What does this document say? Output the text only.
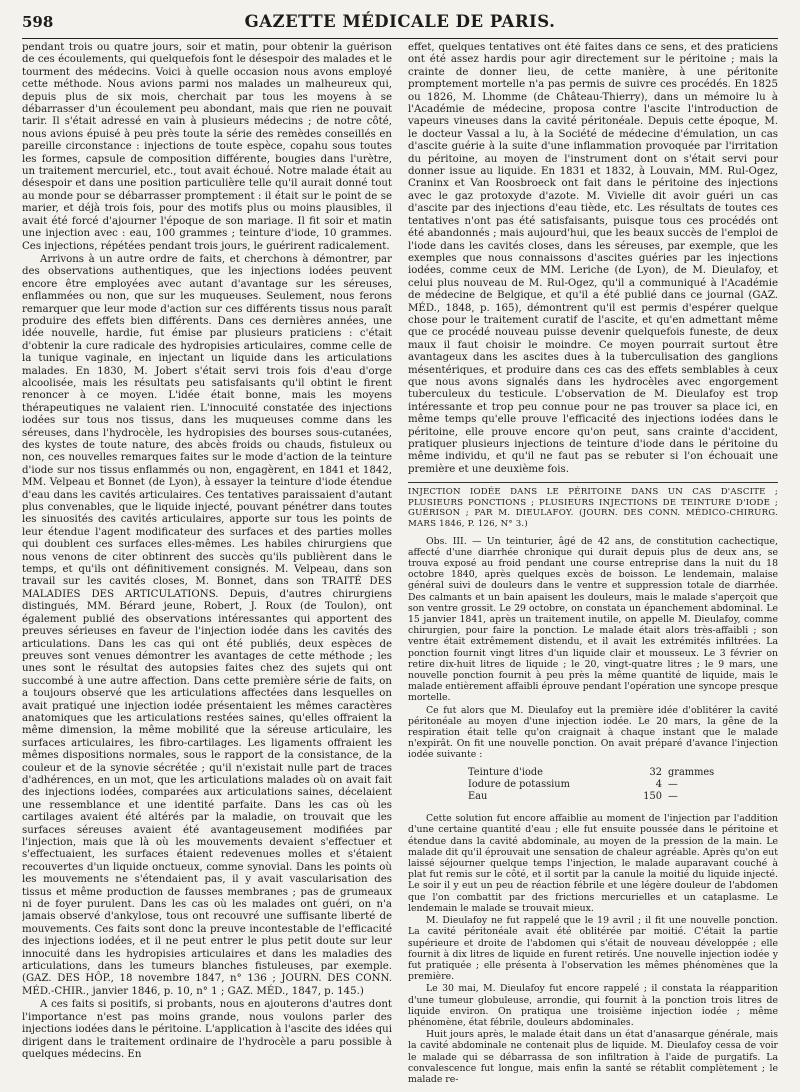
598	GAZETTE MÉDICALE DE PARIS.

pendant trois ou quatre jours, soir et matin, pour obtenir la guérison de ces écoulements, qui quelquefois font le désespoir des malades et le tourment des médecins. Voici à quelle occasion nous avons employé cette méthode. Nous avions parmi nos malades un malheureux qui, depuis plus de six mois, cherchait par tous les moyens à se débarrasser d'un écoulement peu abondant, mais que rien ne pouvait tarir. Il s'était adressé en vain à plusieurs médecins ; de notre côté, nous avions épuisé à peu près toute la série des remèdes conseillés en pareille circonstance : injections de toute espèce, copahu sous toutes les formes, capsule de composition différente, bougies dans l'urètre, un traitement mercuriel, etc., tout avait échoué. Notre malade était au désespoir et dans une position particulière telle qu'il aurait donné tout au monde pour se débarrasser promptement : il était sur le point de se marier, et déjà trois fois, pour des motifs plus ou moins plausibles, il avait été forcé d'ajourner l'époque de son mariage. Il fit soir et matin une injection avec : eau, 100 grammes ; teinture d'iode, 10 grammes. Ces injections, répétées pendant trois jours, le guérirent radicalement.

Arrivons à un autre ordre de faits, et cherchons à démontrer, par des observations authentiques, que les injections iodées peuvent encore être employées avec autant d'avantage sur les séreuses, enflammées ou non, que sur les muqueuses. Seulement, nous ferons remarquer que leur mode d'action sur ces différents tissus nous paraît produire des effets bien différents. Dans ces dernières années, une idée nouvelle, hardie, fut émise par plusieurs praticiens : c'était d'obtenir la cure radicale des hydropisies articulaires, comme celle de la tunique vaginale, en injectant un liquide dans les articulations malades. En 1830, M. Jobert s'était servi trois fois d'eau d'orge alcoolisée, mais les résultats peu satisfaisants qu'il obtint le firent renoncer à ce moyen. L'idée était bonne, mais les moyens thérapeutiques ne valaient rien. L'innocuité constatée des injections iodées sur tous nos tissus, dans les muqueuses comme dans les séreuses, dans l'hydrocèle, les hydropisies des bourses sous-cutanées, des kystes de toute nature, des abcès froids ou chauds, fistuleux ou non, ces nouvelles remarques faites sur le mode d'action de la teinture d'iode sur nos tissus enflammés ou non, engagèrent, en 1841 et 1842, MM. Velpeau et Bonnet (de Lyon), à essayer la teinture d'iode étendue d'eau dans les cavités articulaires. Ces tentatives paraissaient d'autant plus convenables, que le liquide injecté, pouvant pénétrer dans toutes les sinuosités des cavités articulaires, apporte sur tous les points de leur étendue l'agent modificateur des surfaces et des parties molles qui doublent ces surfaces elles-mêmes. Les habiles chirurgiens que nous venons de citer obtinrent des succès qu'ils publièrent dans le temps, et qu'ils ont définitivement consignés. M. Velpeau, dans son travail sur les cavités closes, M. Bonnet, dans son TRAITÉ DES MALADIES DES ARTICULATIONS. Depuis, d'autres chirurgiens distingués, MM. Bérard jeune, Robert, J. Roux (de Toulon), ont également publié des observations intéressantes qui apportent des preuves sérieuses en faveur de l'injection iodée dans les cavités des articulations. Dans les cas qui ont été publiés, deux espèces de preuves sont venues démontrer les avantages de cette méthode ; les unes sont le résultat des autopsies faites chez des sujets qui ont succombé à une autre affection. Dans cette première série de faits, on a toujours observé que les articulations affectées dans lesquelles on avait pratiqué une injection iodée présentaient les mêmes caractères anatomiques que les articulations restées saines, qu'elles offraient la même dimension, la même mobilité que la séreuse articulaire, les surfaces articulaires, les fibro-cartilages. Les ligaments offraient les mêmes dispositions normales, sous le rapport de la consistance, de la couleur et de la synovie sécrétée ; qu'il n'existait nulle part de traces d'adhérences, en un mot, que les articulations malades où on avait fait des injections iodées, comparées aux articulations saines, décelaient une ressemblance et une identité parfaite. Dans les cas où les cartilages avaient été altérés par la maladie, on trouvait que les surfaces séreuses avaient été avantageusement modifiées par l'injection, mais que là où les mouvements devaient s'effectuer et s'effectuaient, les surfaces étaient redevenues molles et s'étaient recouvertes d'un liquide onctueux, comme synovial. Dans les points où les mouvements ne s'étendaient pas, il y avait vascularisation des tissus et même production de fausses membranes ; pas de grumeaux ni de foyer purulent. Dans les cas où les malades ont guéri, on n'a jamais observé d'ankylose, tous ont recouvré une suffisante liberté de mouvements. Ces faits sont donc la preuve incontestable de l'efficacité des injections iodées, et il ne peut entrer le plus petit doute sur leur innocuité dans les hydropisies articulaires et dans les maladies des articulations, dans les tumeurs blanches fistuleuses, par exemple. (GAZ. DES HÔP., 18 novembre 1847, n° 136 ; JOURN. DES CONN. MÉD.-CHIR., janvier 1846, p. 10, n° 1 ; GAZ. MÉD., 1847, p. 145.)

A ces faits si positifs, si probants, nous en ajouterons d'autres dont l'importance n'est pas moins grande, nous voulons parler des injections iodées dans le péritoine. L'application à l'ascite des idées qui dirigent dans le traitement ordinaire de l'hydrocèle a paru possible à quelques médecins. En

effet, quelques tentatives ont été faites dans ce sens, et des praticiens ont été assez hardis pour agir directement sur le péritoine ; mais la crainte de donner lieu, de cette manière, à une péritonite promptement mortelle n'a pas permis de suivre ces procédés. En 1825 ou 1826, M. Lhomme (de Château-Thierry), dans un mémoire lu à l'Académie de médecine, proposa contre l'ascite l'introduction de vapeurs vineuses dans la cavité péritonéale. Depuis cette époque, M. le docteur Vassal a lu, à la Société de médecine d'émulation, un cas d'ascite guérie à la suite d'une inflammation provoquée par l'irritation du péritoine, au moyen de l'instrument dont on s'était servi pour donner issue au liquide. En 1831 et 1832, à Louvain, MM. Rul-Ogez, Craninx et Van Roosbroeck ont fait dans le péritoine des injections avec le gaz protoxyde d'azote. M. Vivielle dit avoir guéri un cas d'ascite par des injections d'eau tiède, etc. Les résultats de toutes ces tentatives n'ont pas été satisfaisants, puisque tous ces procédés ont été abandonnés ; mais aujourd'hui, que les beaux succès de l'emploi de l'iode dans les cavités closes, dans les séreuses, par exemple, que les exemples que nous connaissons d'ascites guéries par les injections iodées, comme ceux de MM. Leriche (de Lyon), de M. Dieulafoy, et celui plus nouveau de M. Rul-Ogez, qu'il a communiqué à l'Académie de médecine de Belgique, et qu'il a été publié dans ce journal (GAZ. MÉD., 1848, p. 165), démontrent qu'il est permis d'espérer quelque chose pour le traitement curatif de l'ascite, et qu'en admettant même que ce procédé nouveau puisse devenir quelquefois funeste, de deux maux il faut choisir le moindre. Ce moyen pourrait surtout être avantageux dans les ascites dues à la tuberculisation des ganglions mésentériques, et produire dans ces cas des effets semblables à ceux que nous avons signalés dans les hydrocèles avec engorgement tuberculeux du testicule. L'observation de M. Dieulafoy est trop intéressante et trop peu connue pour ne pas trouver sa place ici, en même temps qu'elle prouve l'efficacité des injections iodées dans le péritoine, elle prouve encore qu'on peut, sans crainte d'accident, pratiquer plusieurs injections de teinture d'iode dans le péritoine du même individu, et qu'il ne faut pas se rebuter si l'on échouait une première et une deuxième fois.

INJECTION IODÉE DANS LE PÉRITOINE DANS UN CAS D'ASCITE ; PLUSIEURS PONCTIONS ; PLUSIEURS INJECTIONS DE TEINTURE D'IODE ; GUÉRISON ; PAR M. DIEULAFOY. (JOURN. DES CONN. MÉDICO-CHIRURG. MARS 1846, P. 126, N° 3.)

Obs. III. — Un teinturier, âgé de 42 ans, de constitution cachectique, affecté d'une diarrhée chronique qui durait depuis plus de deux ans, se trouva exposé au froid pendant une course entreprise dans la nuit du 18 octobre 1840, après quelques excès de boisson. Le lendemain, malaise général suivi de douleurs dans le ventre et suppression totale de diarrhée. Des calmants et un bain apaisent les douleurs, mais le malade s'aperçoit que son ventre grossit. Le 29 octobre, on constata un épanchement abdominal. Le 15 janvier 1841, après un traitement inutile, on appelle M. Dieulafoy, comme chirurgien, pour faire la ponction. Le malade était alors très-affaibli ; son ventre était extrêmement distendu, et il avait les extrémités infiltrées. La ponction fournit vingt litres d'un liquide clair et mousseux. Le 3 février on retire dix-huit litres de liquide ; le 20, vingt-quatre litres ; le 9 mars, une nouvelle ponction fournit à peu près la même quantité de liquide, mais le malade entièrement affaibli éprouve pendant l'opération une syncope presque mortelle.

Ce fut alors que M. Dieulafoy eut la première idée d'oblitérer la cavité péritonéale au moyen d'une injection iodée. Le 20 mars, la gêne de la respiration était telle qu'on craignait à chaque instant que le malade n'expirât. On fit une nouvelle ponction. On avait préparé d'avance l'injection iodée suivante :

Teinture d'iode	32 grammes
Iodure de potassium	4 —
Eau	150 —

Cette solution fut encore affaiblie au moment de l'injection par l'addition d'une certaine quantité d'eau ; elle fut ensuite poussée dans le péritoine et étendue dans la cavité abdominale, au moyen de la pression de la main. Le malade dit qu'il éprouvait une sensation de chaleur agréable. Après qu'on eut laissé séjourner quelque temps l'injection, le malade auparavant couché à plat fut remis sur le côté, et il sortit par la canule la moitié du liquide injecté. Le soir il y eut un peu de réaction fébrile et une légère douleur de l'abdomen que l'on combattit par des frictions mercurielles et un cataplasme. Le lendemain le malade se trouvait mieux.

M. Dieulafoy ne fut rappelé que le 19 avril ; il fit une nouvelle ponction. La cavité péritonéale avait été oblitérée par moitié. C'était la partie supérieure et droite de l'abdomen qui s'était de nouveau développée ; elle fournit à dix litres de liquide en furent retirés. Une nouvelle injection iodée y fut pratiquée ; elle présenta à l'observation les mêmes phénomènes que la première.

Le 30 mai, M. Dieulafoy fut encore rappelé ; il constata la réapparition d'une tumeur globuleuse, arrondie, qui fournit à la ponction trois litres de liquide environ. On pratiqua une troisième injection iodée ; même phénomène, état fébrile, douleurs abdominales.

Huit jours après, le malade était dans un état d'anasarque générale, mais la cavité abdominale ne contenait plus de liquide. M. Dieulafoy cessa de voir le malade qui se débarrassa de son infiltration à l'aide de purgatifs. La convalescence fut longue, mais enfin la santé se rétablit complètement ; le malade re-
